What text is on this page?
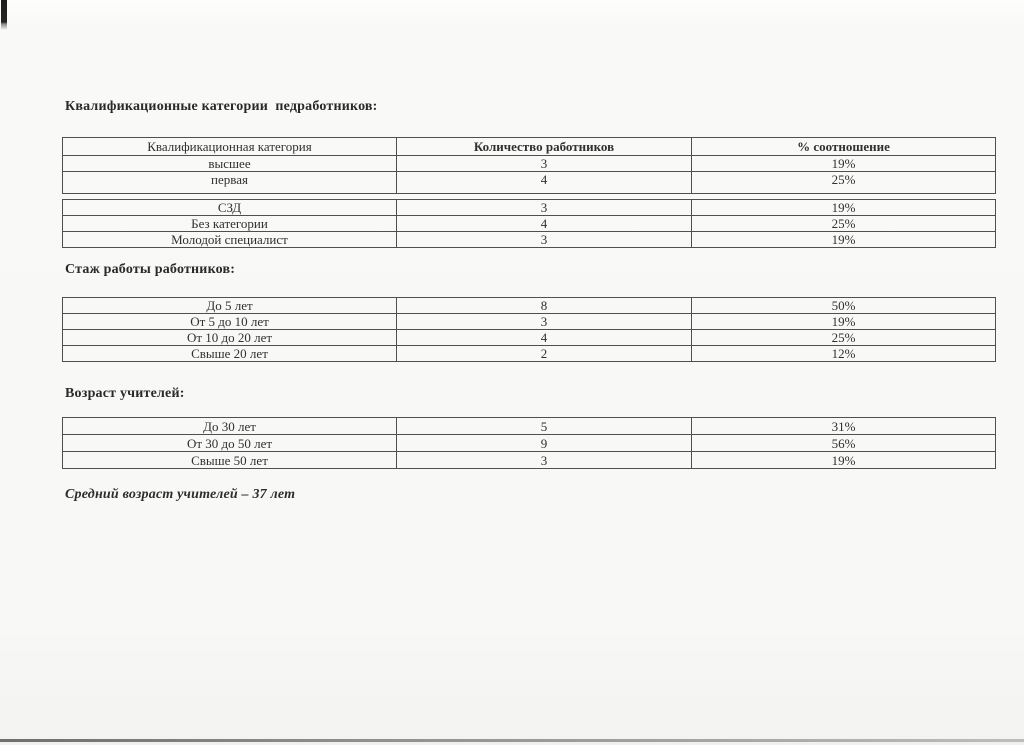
Квалификационные категории  педработников:
Квалификационная категория	Количество работников	% соотношение
высшее	3	19%
первая	4	25%
СЗД	3	19%
Без категории	4	25%
Молодой специалист	3	19%
Стаж работы работников:
До 5 лет	8	50%
От 5 до 10 лет	3	19%
От 10 до 20 лет	4	25%
Свыше 20 лет	2	12%
Возраст учителей:
До 30 лет	5	31%
От 30 до 50 лет	9	56%
Свыше 50 лет	3	19%

Средний возраст учителей – 37 лет
